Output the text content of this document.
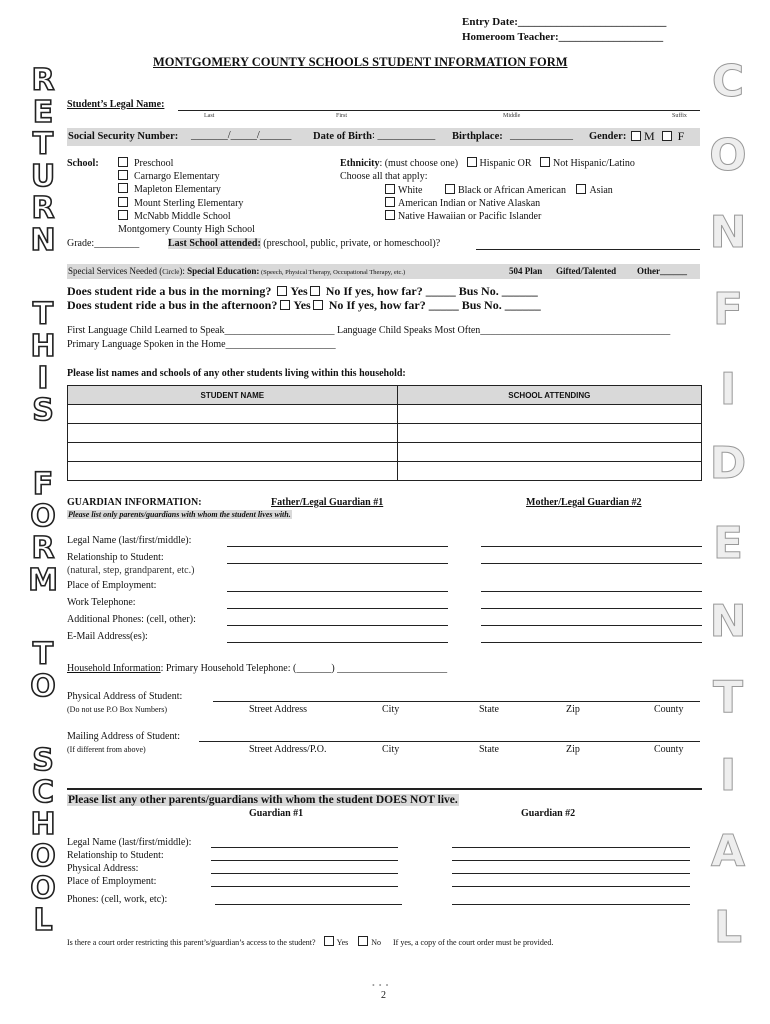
Entry Date:___________________________
Homeroom Teacher:___________________
MONTGOMERY COUNTY SCHOOLS STUDENT INFORMATION FORM
R
E
T
U
R
N
T
H
I
S
F
O
R
M
T
O
S
C
H
O
O
L
C
O
N
F
I
D
E
N
T
I
A
L
Student’s Legal Name:
Last	First	Middle	Suffix
Social Security Number: _______/_____/______ Date of Birth : ___________ Birthplace: ____________ Gender:	M F
School:	Preschool
Carnargo Elementary
Mapleton Elementary
Mount Sterling Elementary
McNabb Middle School
Montgomery County High School
Ethnicity: (must choose one) Hispanic OR Not Hispanic/Latino
Choose all that apply:
White	Black or African American Asian
American Indian or Native Alaskan
Native Hawaiian or Pacific Islander
Grade:_________	Last School attended: (preschool, public, private, or homeschool)?
Special Services Needed (Circle): Special Education: (Speech, Physical Therapy, Occupational Therapy, etc.)	504 Plan Gifted/Talented Other______
Does student ride a bus in the morning? Yes No If yes, how far? _____ Bus No. ______
Does student ride a bus in the afternoon? Yes No If yes, how far? _____ Bus No. ______
First Language Child Learned to Speak______________________ Language Child Speaks Most Often______________________________________
Primary Language Spoken in the Home______________________
Please list names and schools of any other students living within this household:
STUDENT NAME	SCHOOL ATTENDING

GUARDIAN INFORMATION:	Father/Legal Guardian #1	Mother/Legal Guardian #2
Please list only parents/guardians with whom the student lives with.
Legal Name (last/first/middle):
Relationship to Student:
(natural, step, grandparent, etc.)
Place of Employment:
Work Telephone:
Additional Phones: (cell, other):
E-Mail Address(es):
Household Information: Primary Household Telephone: (_______) ______________________
Physical Address of Student:
(Do not use P.O Box Numbers)	Street Address	City	State	Zip	County
Mailing Address of Student:
(If different from above)	Street Address/P.O.	City	State	Zip	County
Please list any other parents/guardians with whom the student DOES NOT live.
Guardian #1	Guardian #2
Legal Name (last/first/middle):
Relationship to Student:
Physical Address:
Place of Employment:
Phones: (cell, work, etc):
Is there a court order restricting this parent’s/guardian’s access to the student?	Yes	No If yes, a copy of the court order must be provided.
• • •
2
